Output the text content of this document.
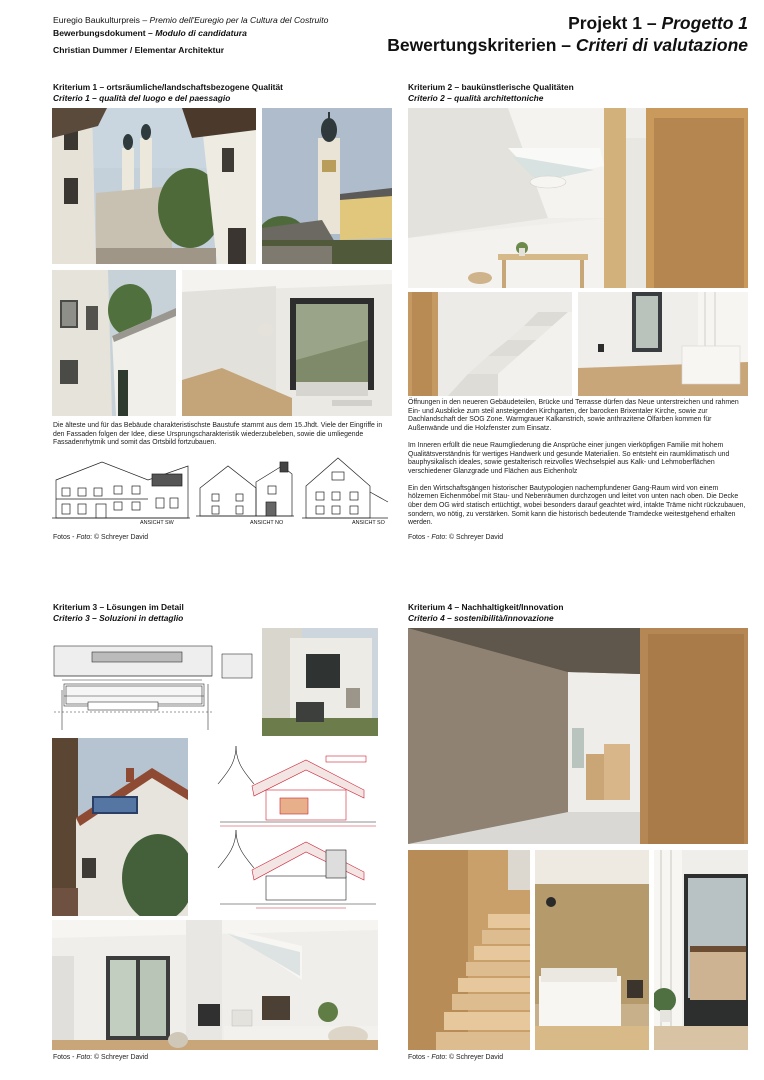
Euregio Baukulturpreis – Premio dell'Euregio per la Cultura del Costruito
Bewerbungsdokument – Modulo di candidatura
Christian Dummer / Elementar Architektur
Projekt 1 – Progetto 1
Bewertungskriterien – Criteri di valutazione
Kriterium 1 – ortsräumliche/landschaftsbezogene Qualität
Criterio 1 – qualità del luogo e del paessagio
Die älteste und für das Bebäude charakteristischste Baustufe stammt aus dem 15.Jhdt. Viele der Eingriffe in den Fassaden folgen der Idee, diese Ursprungscharakteristik wiederzubeleben, sowie die umliegende Fassadenrhytmik und somit das Ortsbild fortzubauen.
ANSICHT SW	ANSICHT NO	ANSICHT SO
Fotos - Foto: © Schreyer David
Kriterium 2 – baukünstlerische Qualitäten
Criterio 2 – qualità architettoniche

Öffnungen in den neueren Gebäudeteilen, Brücke und Terrasse dürfen das Neue unterstreichen und rahmen Ein- und Ausblicke zum steil ansteigenden Kirchgarten, der barocken Brixentaler Kirche, sowie zur Dachlandschaft der SOG Zone. Warmgrauer Kalkanstrich, sowie anthrazitene Ölfarben kommen für Außenwände und die Holzfenster zum Einsatz.

Im Inneren erfüllt die neue Raumgliederung die Ansprüche einer jungen vierköpfigen Familie mit hohem Qualitätsverständnis für wertiges Handwerk und gesunde Materialien. So entsteht ein raumklimatisch und bauphysikalisch ideales, sowie gestalterisch reizvolles Wechselspiel aus Kalk- und Lehmoberflächen verschiedener Glanzgrade und Flächen aus Eichenholz

Ein den Wirtschaftsgängen historischer Bautypologien nachempfundener Gang-Raum wird von einem hölzernen Eichenmöbel mit Stau- und Nebenräumen durchzogen und leitet von unten nach oben. Die Decke über dem OG wird statisch ertüchtigt, wobei besonders darauf geachtet wird, intakte Träme nicht rückzubauen, sondern, wo nötig, zu verstärken. Somit kann die historisch bedeutende Tramdecke weitestgehend erhalten werden.

Fotos - Foto: © Schreyer David
Kriterium 3 – Lösungen im Detail
Criterio 3 – Soluzioni in dettaglio
Fotos - Foto: © Schreyer David
Kriterium 4 – Nachhaltigkeit/Innovation
Criterio 4 – sostenibilità/innovazione
Fotos - Foto: © Schreyer David
